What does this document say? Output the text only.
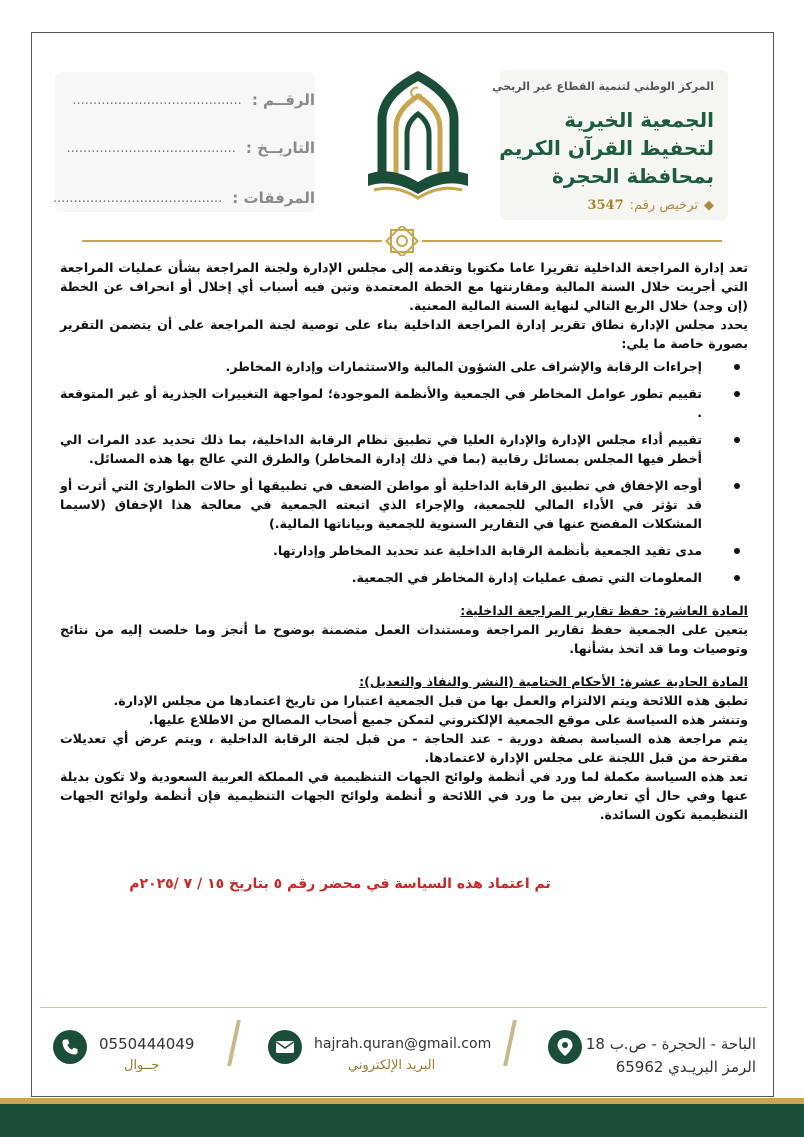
الرقــم :
.........................................
التاريــخ :
.........................................
المرفقات :
.........................................
المركز الوطني لتنمية القطاع غير الربحي
الجمعية الخيرية
لتحفيظ القرآن الكريم
بمحافظة الحجرة
◆
ترخيص رقم:
3547

تعد إدارة المراجعة الداخلية تقريرا عاما مكتوبا وتقدمه إلى مجلس الإدارة ولجنة المراجعة بشأن عمليات المراجعة التي أجريت خلال السنة المالية ومقارنتها مع الخطة المعتمدة وتبن فيه أسباب أي إخلال أو انحراف عن الخطة (إن وجد) خلال الربع التالي لنهاية السنة المالية المعنية.

يحدد مجلس الإدارة نطاق تقرير إدارة المراجعة الداخلية بناء على توصية لجنة المراجعة على أن يتضمن التقرير بصورة خاصة ما يلي:

إجراءات الرقابة والإشراف على الشؤون المالية والاستثمارات وإدارة المخاطر.
تقييم تطور عوامل المخاطر في الجمعية والأنظمة الموجودة؛ لمواجهة التغييرات الجذرية أو غير المتوقعة .
تقييم أداء مجلس الإدارة والإدارة العليا في تطبيق نظام الرقابة الداخلية، بما ذلك تحديد عدد المرات الي أخطر فيها المجلس بمسائل رقابية (بما في ذلك إدارة المخاطر) والطرق التي عالج بها هذه المسائل.
أوجه الإخفاق في تطبيق الرقابة الداخلية أو مواطن الضعف في تطبيقها أو حالات الطوارئ التي أثرت أو قد تؤثر في الأداء المالي للجمعية، والإجراء الذي اتبعته الجمعية في معالجة هذا الإخفاق (لاسيما المشكلات المفصح عنها في التقارير السنوية للجمعية وبياناتها المالية.)
مدى تقيد الجمعية بأنظمة الرقابة الداخلية عند تحديد المخاطر وإدارتها.
المعلومات التي تصف عمليات إدارة المخاطر في الجمعية.

المادة العاشرة: حفظ تقارير المراجعة الداخلية:

يتعين على الجمعية حفظ تقارير المراجعة ومستندات العمل متضمنة بوضوح ما أنجز وما خلصت إليه من نتائج وتوصيات وما قد اتخذ بشأنها.

المادة الحادية عشرة: الأحكام الختامية (النشر والنفاذ والتعديل):

تطبق هذه اللائحة ويتم الالتزام والعمل بها من قبل الجمعية اعتبارا من تاريخ اعتمادها من مجلس الإدارة.

وتنشر هذه السياسة على موقع الجمعية الإلكتروني لتمكن جميع أصحاب المصالح من الاطلاع عليها.

يتم مراجعة هذه السياسة بصفة دورية - عند الحاجة - من قبل لجنة الرقابة الداخلية ، ويتم عرض أي تعديلات مقترحة من قبل اللجنة على مجلس الإدارة لاعتمادها.

تعد هذه السياسة مكملة لما ورد في أنظمة ولوائح الجهات التنظيمية في المملكة العربية السعودية ولا تكون بديلة عنها وفي حال أي تعارض بين ما ورد في اللائحة و أنظمة ولوائح الجهات التنظيمية فإن أنظمة ولوائح الجهات التنظيمية تكون السائدة.

تم اعتماد هذه السياسة في محضر رقم ٥ بتاريخ ١٥ / ٧ /٢٠٢٥م
الباحة - الحجرة - ص.ب 18
الرمز البريـدي 65962
hajrah.quran@gmail.com
البريد الإلكتروني
0550444049
جــوال
